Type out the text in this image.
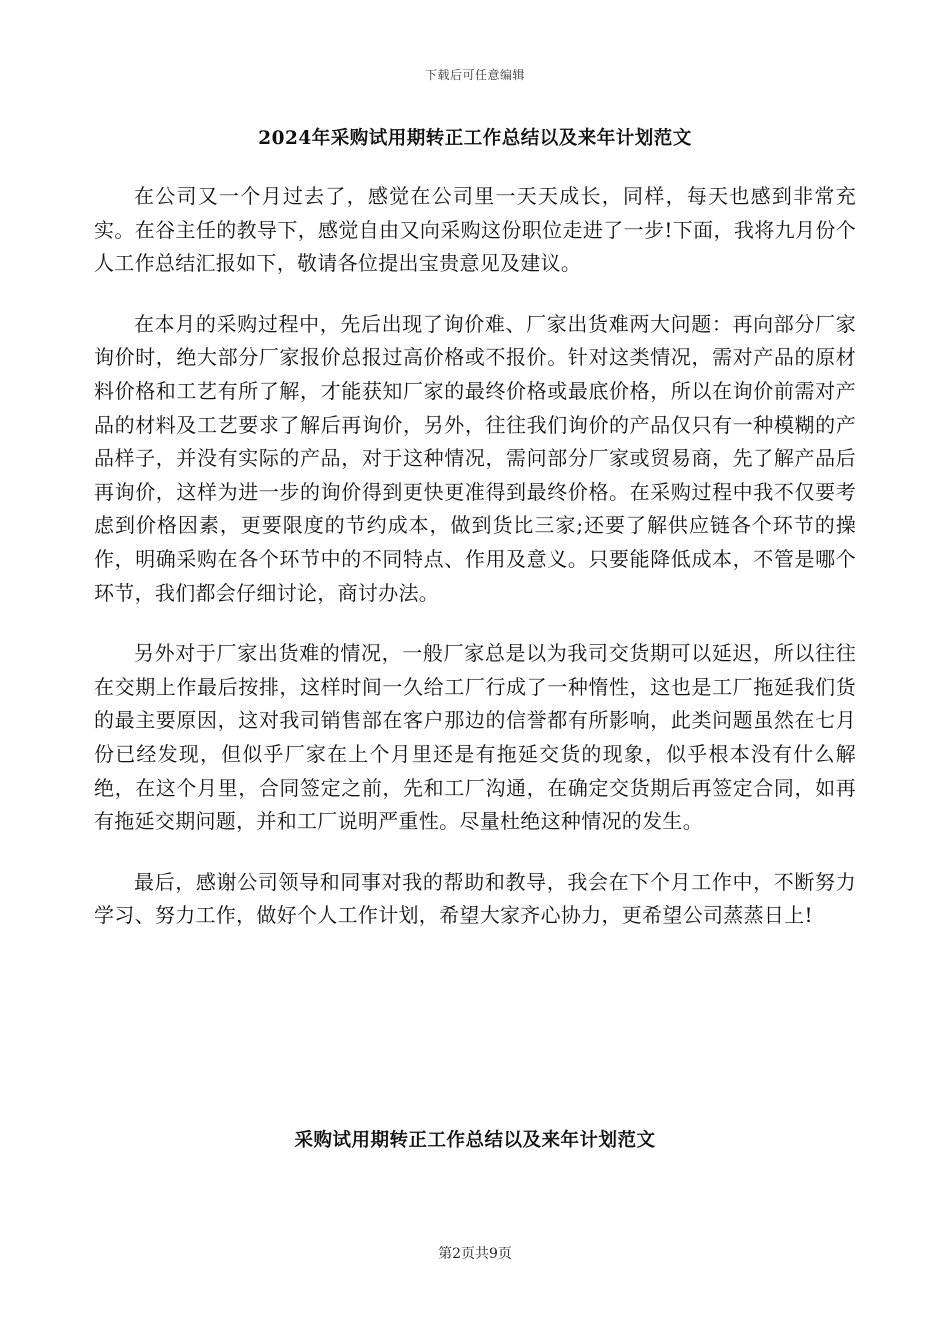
下载后可任意编辑
2024年采购试用期转正工作总结以及来年计划范文

在公司又一个月过去了，感觉在公司里一天天成长，同样，每天也感到非常充实。在谷主任的教导下，感觉自由又向采购这份职位走进了一步!下面，我将九月份个人工作总结汇报如下，敬请各位提出宝贵意见及建议。

在本月的采购过程中，先后出现了询价难、厂家出货难两大问题：再向部分厂家询价时，绝大部分厂家报价总报过高价格或不报价。针对这类情况，需对产品的原材料价格和工艺有所了解，才能获知厂家的最终价格或最底价格，所以在询价前需对产品的材料及工艺要求了解后再询价，另外，往往我们询价的产品仅只有一种模糊的产品样子，并没有实际的产品，对于这种情况，需问部分厂家或贸易商，先了解产品后再询价，这样为进一步的询价得到更快更准得到最终价格。在采购过程中我不仅要考虑到价格因素，更要限度的节约成本，做到货比三家;还要了解供应链各个环节的操作，明确采购在各个环节中的不同特点、作用及意义。只要能降低成本，不管是哪个环节，我们都会仔细讨论，商讨办法。

另外对于厂家出货难的情况，一般厂家总是以为我司交货期可以延迟，所以往往在交期上作最后按排，这样时间一久给工厂行成了一种惰性，这也是工厂拖延我们货的最主要原因，这对我司销售部在客户那边的信誉都有所影响，此类问题虽然在七月份已经发现，但似乎厂家在上个月里还是有拖延交货的现象，似乎根本没有什么解绝，在这个月里，合同签定之前，先和工厂沟通，在确定交货期后再签定合同，如再有拖延交期问题，并和工厂说明严重性。尽量杜绝这种情况的发生。

最后，感谢公司领导和同事对我的帮助和教导，我会在下个月工作中，不断努力学习、努力工作，做好个人工作计划，希望大家齐心协力，更希望公司蒸蒸日上!

采购试用期转正工作总结以及来年计划范文
第2页共9页
